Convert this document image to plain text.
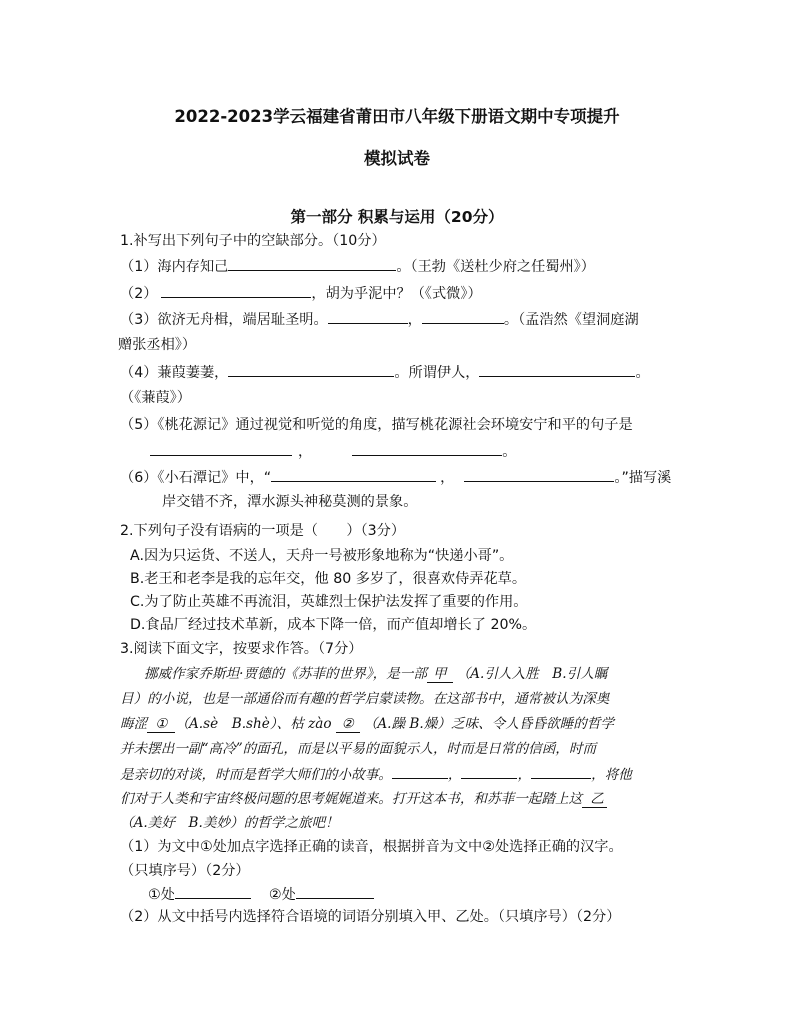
2022-2023学云福建省莆田市八年级下册语文期中专项提升
模拟试卷
第一部分 积累与运用（20分）
1.补写出下列句子中的空缺部分。（10分）
（1）海内存知己	。（王勃《送杜少府之任蜀州》）
（2）	，胡为乎泥中？（《式微》）
（3）欲济无舟楫，端居耻圣明。	，	。（孟浩然《望洞庭湖
赠张丞相》）
（4）蒹葭萋萋，	。所谓伊人，	。
（《蒹葭》）
（5）《桃花源记》通过视觉和听觉的角度，描写桃花源社会环境安宁和平的句子是
，	。
（6）《小石潭记》中，“	，	。”描写溪
岸交错不齐，潭水源头神秘莫测的景象。
2.下列句子没有语病的一项是（　　）（3分）
A.因为只运货、不送人，天舟一号被形象地称为“快递小哥”。
B.老王和老李是我的忘年交，他 80 多岁了，很喜欢侍弄花草。
C.为了防止英雄不再流泪，英雄烈士保护法发挥了重要的作用。
D.食品厂经过技术革新，成本下降一倍，而产值却增长了 20%。
3.阅读下面文字，按要求作答。（7分）
挪威作家乔斯坦·贾德的《苏菲的世界》，是一部 甲 （A.引人入胜　B.引人瞩
目）的小说，也是一部通俗而有趣的哲学启蒙读物。在这部书中，通常被认为深奥
晦涩 ① （A.sè　B.shè）、枯 zào ② （A.躁 B.燥）乏味、令人昏昏欲睡的哲学
并未摆出一副“高冷”的面孔，而是以平易的面貌示人，时而是日常的信函，时而
是亲切的对谈，时而是哲学大师们的小故事。	，	，	，将他
们对于人类和宇宙终极问题的思考娓娓道来。打开这本书，和苏菲一起踏上这 乙
（A.美好　B.美妙）的哲学之旅吧！
（1）为文中①处加点字选择正确的读音，根据拼音为文中②处选择正确的汉字。
（只填序号）（2分）
①处	②处
（2）从文中括号内选择符合语境的词语分别填入甲、乙处。（只填序号）（2分）
